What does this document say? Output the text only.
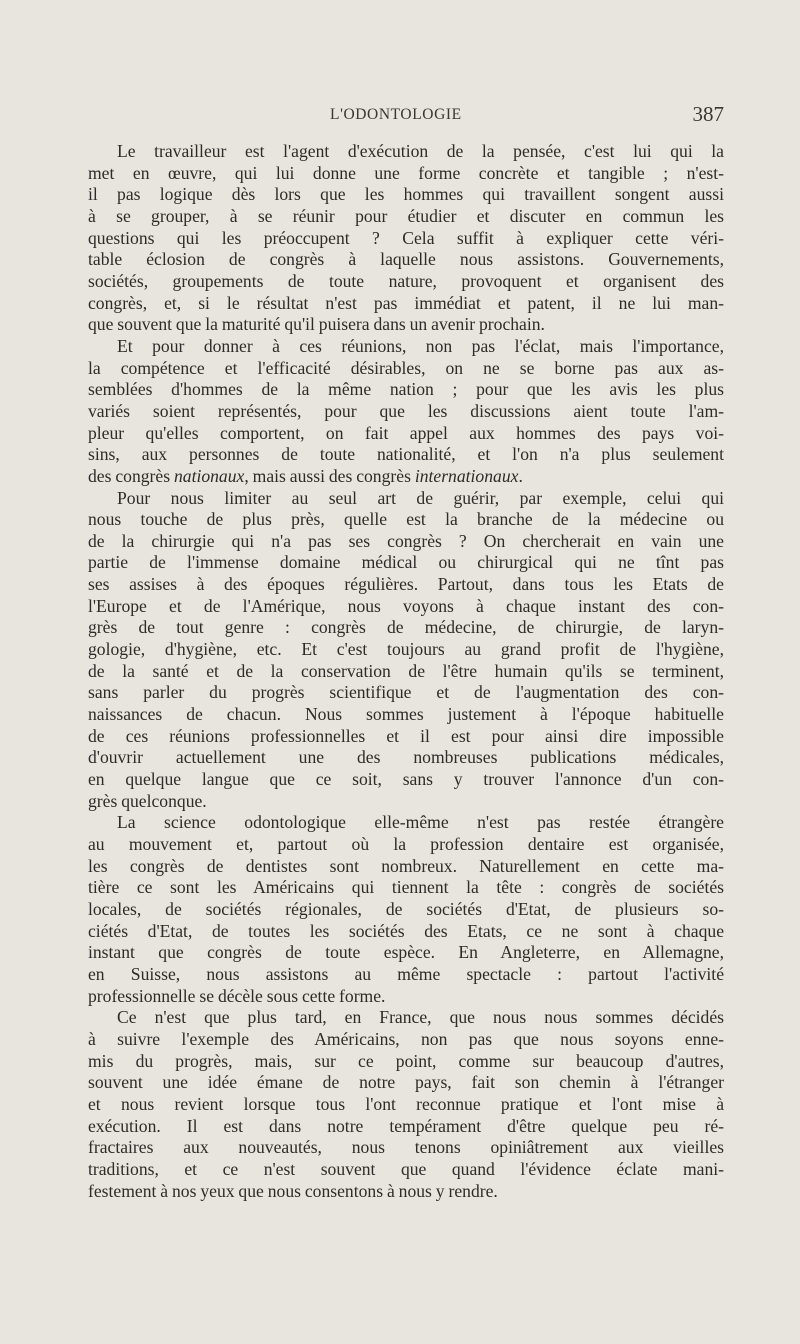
L'ODONTOLOGIE	387

Le travailleur est l'agent d'exécution de la pensée, c'est lui qui la
met en œuvre, qui lui donne une forme concrète et tangible ; n'est-
il pas logique dès lors que les hommes qui travaillent songent aussi
à se grouper, à se réunir pour étudier et discuter en commun les
questions qui les préoccupent ? Cela suffit à expliquer cette véri-
table éclosion de congrès à laquelle nous assistons. Gouvernements,
sociétés, groupements de toute nature, provoquent et organisent des
congrès, et, si le résultat n'est pas immédiat et patent, il ne lui man-
que souvent que la maturité qu'il puisera dans un avenir prochain.

Et pour donner à ces réunions, non pas l'éclat, mais l'importance,
la compétence et l'efficacité désirables, on ne se borne pas aux as-
semblées d'hommes de la même nation ; pour que les avis les plus
variés soient représentés, pour que les discussions aient toute l'am-
pleur qu'elles comportent, on fait appel aux hommes des pays voi-
sins, aux personnes de toute nationalité, et l'on n'a plus seulement
des congrès nationaux, mais aussi des congrès internationaux.

Pour nous limiter au seul art de guérir, par exemple, celui qui
nous touche de plus près, quelle est la branche de la médecine ou
de la chirurgie qui n'a pas ses congrès ? On chercherait en vain une
partie de l'immense domaine médical ou chirurgical qui ne tînt pas
ses assises à des époques régulières. Partout, dans tous les Etats de
l'Europe et de l'Amérique, nous voyons à chaque instant des con-
grès de tout genre : congrès de médecine, de chirurgie, de laryn-
gologie, d'hygiène, etc. Et c'est toujours au grand profit de l'hygiène,
de la santé et de la conservation de l'être humain qu'ils se terminent,
sans parler du progrès scientifique et de l'augmentation des con-
naissances de chacun. Nous sommes justement à l'époque habituelle
de ces réunions professionnelles et il est pour ainsi dire impossible
d'ouvrir actuellement une des nombreuses publications médicales,
en quelque langue que ce soit, sans y trouver l'annonce d'un con-
grès quelconque.

La science odontologique elle-même n'est pas restée étrangère
au mouvement et, partout où la profession dentaire est organisée,
les congrès de dentistes sont nombreux. Naturellement en cette ma-
tière ce sont les Américains qui tiennent la tête : congrès de sociétés
locales, de sociétés régionales, de sociétés d'Etat, de plusieurs so-
ciétés d'Etat, de toutes les sociétés des Etats, ce ne sont à chaque
instant que congrès de toute espèce. En Angleterre, en Allemagne,
en Suisse, nous assistons au même spectacle : partout l'activité
professionnelle se décèle sous cette forme.

Ce n'est que plus tard, en France, que nous nous sommes décidés
à suivre l'exemple des Américains, non pas que nous soyons enne-
mis du progrès, mais, sur ce point, comme sur beaucoup d'autres,
souvent une idée émane de notre pays, fait son chemin à l'étranger
et nous revient lorsque tous l'ont reconnue pratique et l'ont mise à
exécution. Il est dans notre tempérament d'être quelque peu ré-
fractaires aux nouveautés, nous tenons opiniâtrement aux vieilles
traditions, et ce n'est souvent que quand l'évidence éclate mani-
festement à nos yeux que nous consentons à nous y rendre.
